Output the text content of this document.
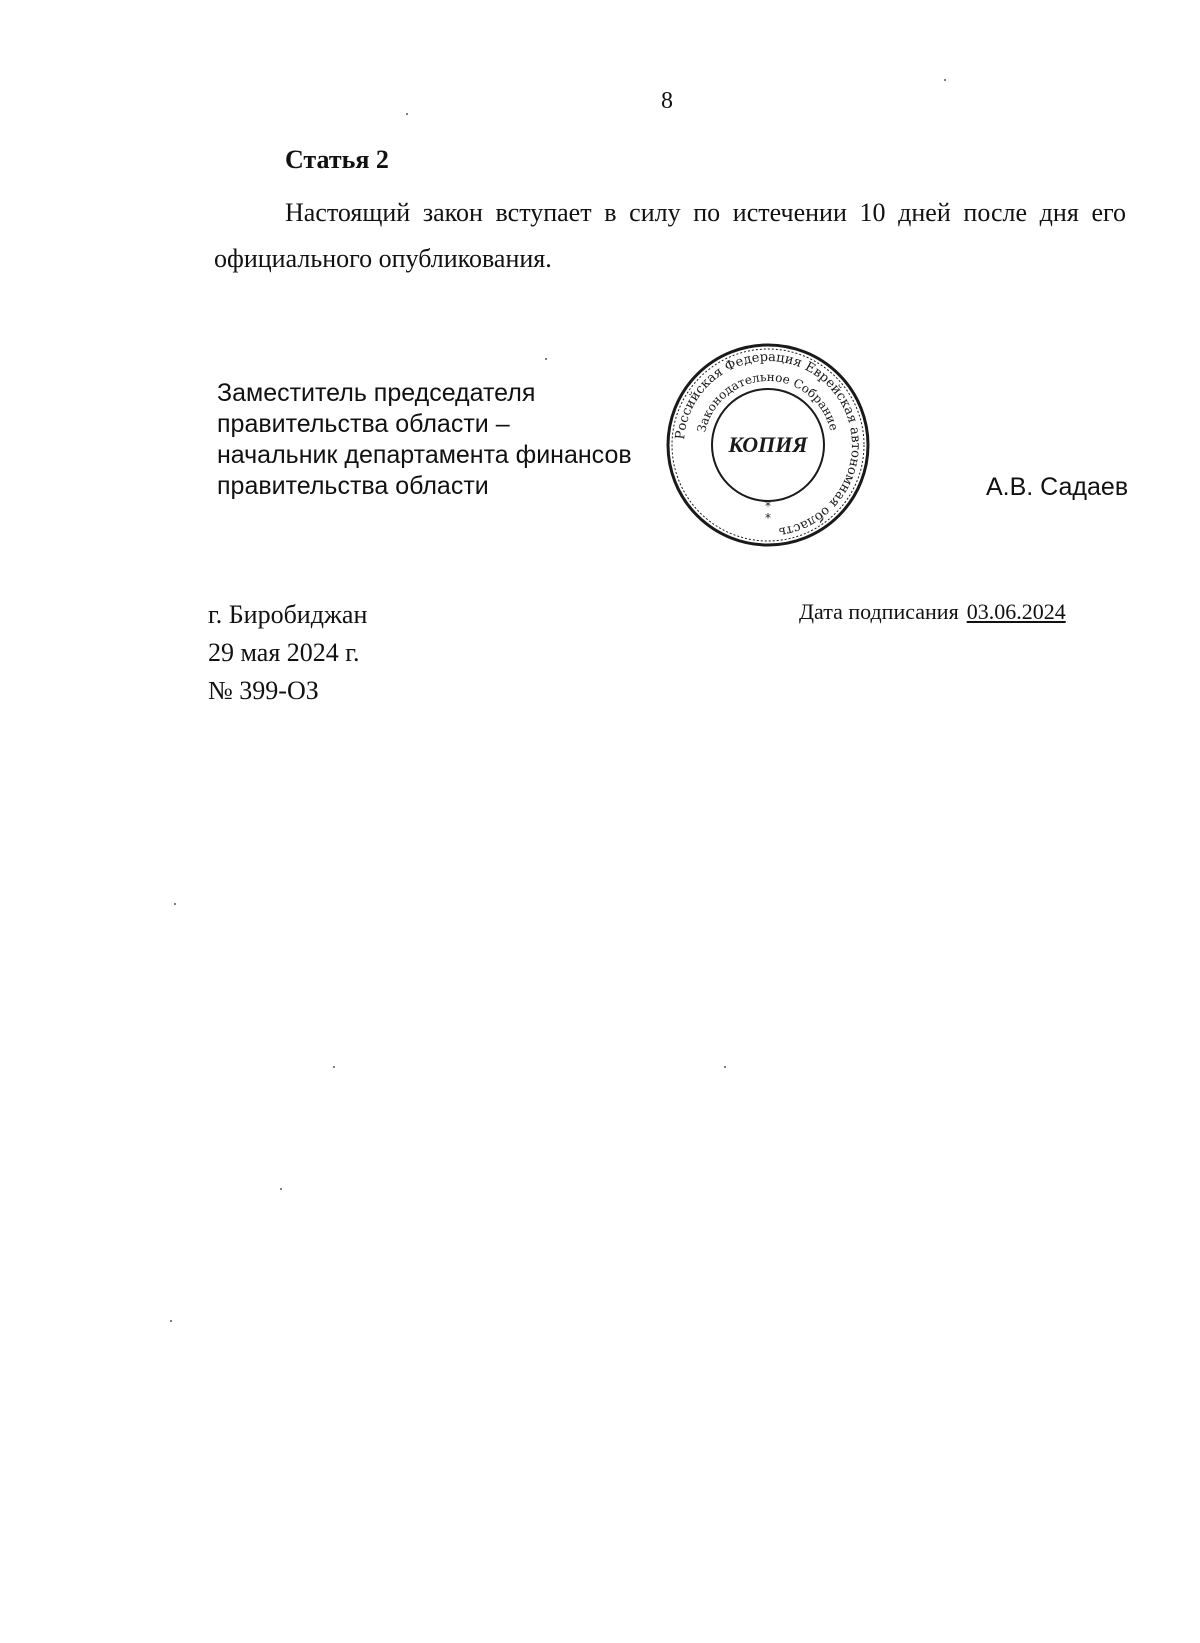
8
Статья 2

Настоящий закон вступает в силу по истечении 10 дней после дня его официального опубликования.

Заместитель председателя
правительства области –
начальник департамента финансов
правительства области
Российская Федерация Еврейская автономная область
Законодательное Собрание
КОПИЯ
*
*
А.В. Садаев
г. Биробиджан
29 мая 2024 г.
№ 399-ОЗ
Дата подписания 03.06.2024
